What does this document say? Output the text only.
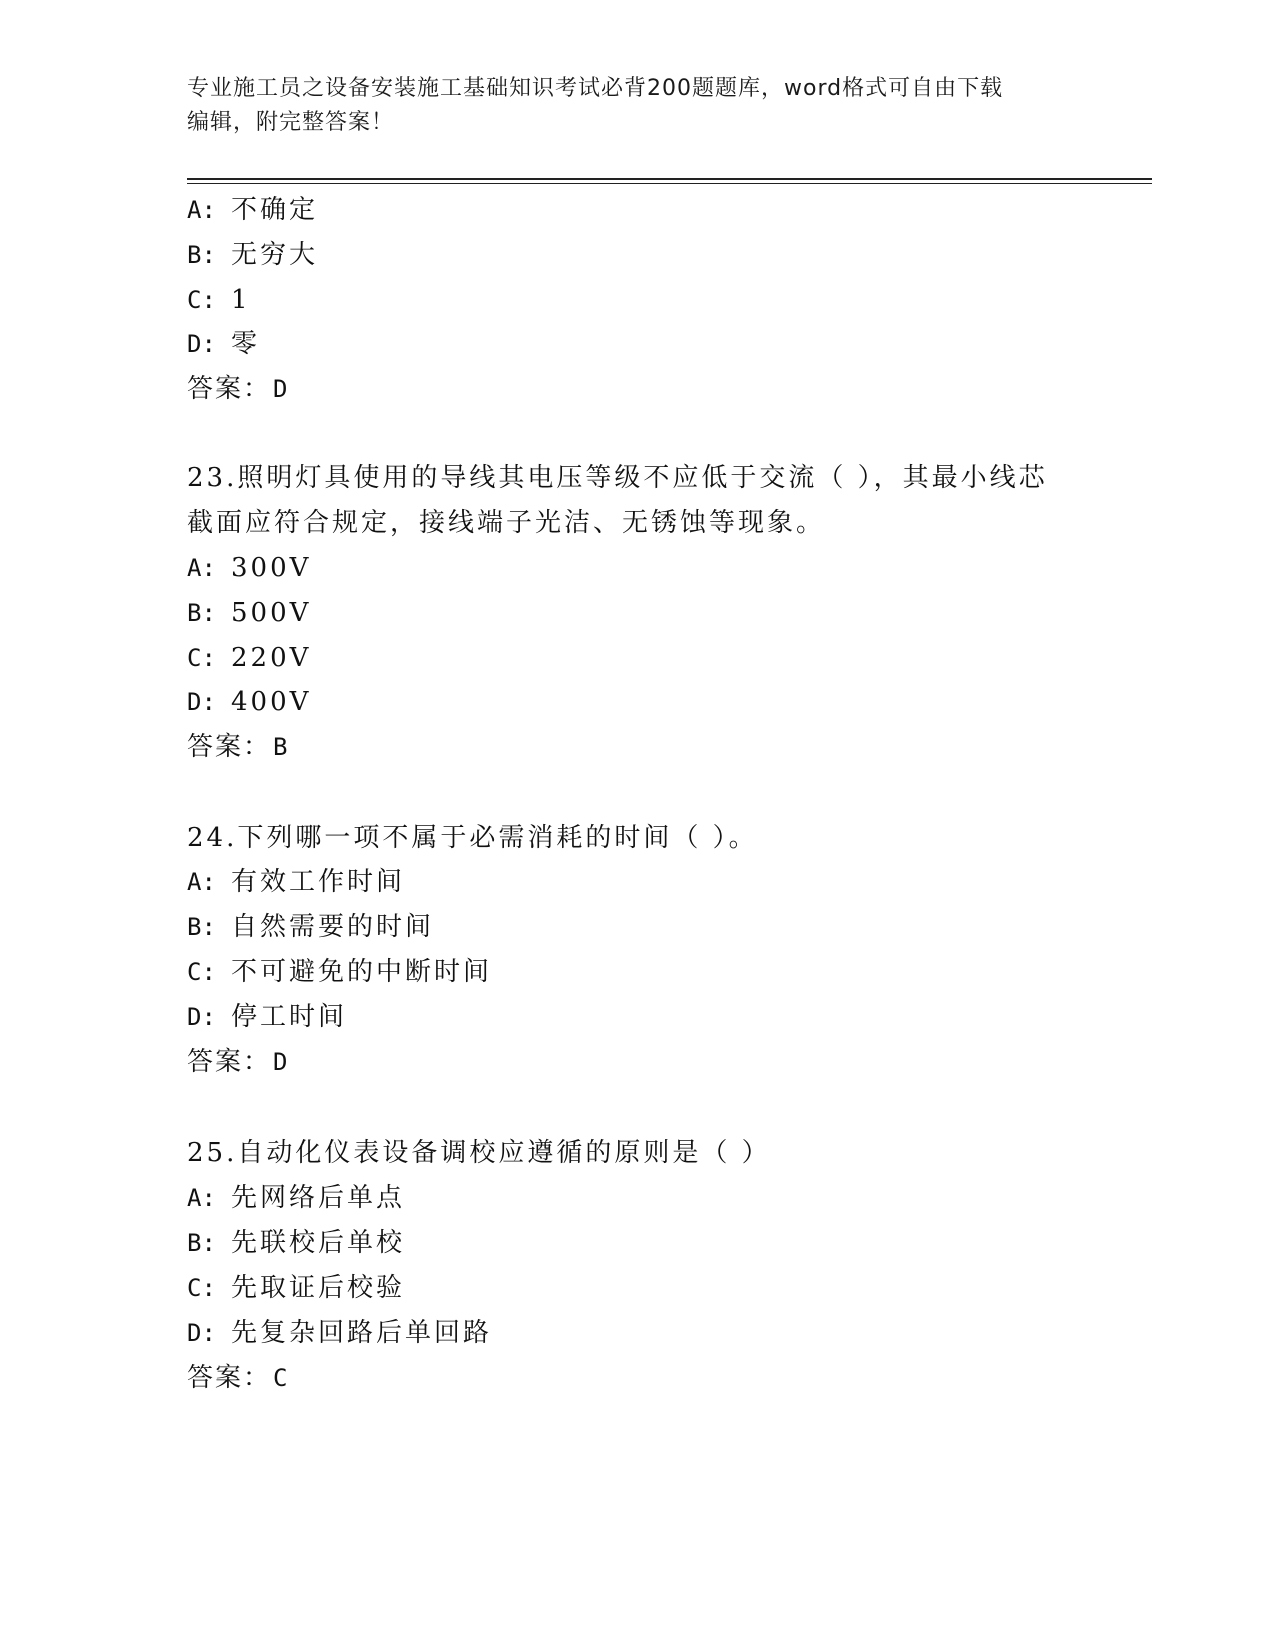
专业施工员之设备安装施工基础知识考试必背200题题库，word格式可自由下载
编辑，附完整答案！
A: 不确定
B: 无穷大
C: 1
D: 零
答案：D
23.照明灯具使用的导线其电压等级不应低于交流（ ），其最小线芯
截面应符合规定，接线端子光洁、无锈蚀等现象。
A: 300V
B: 500V
C: 220V
D: 400V
答案：B
24.下列哪一项不属于必需消耗的时间（ ）。
A: 有效工作时间
B: 自然需要的时间
C: 不可避免的中断时间
D: 停工时间
答案：D
25.自动化仪表设备调校应遵循的原则是（ ）
A: 先网络后单点
B: 先联校后单校
C: 先取证后校验
D: 先复杂回路后单回路
答案：C
